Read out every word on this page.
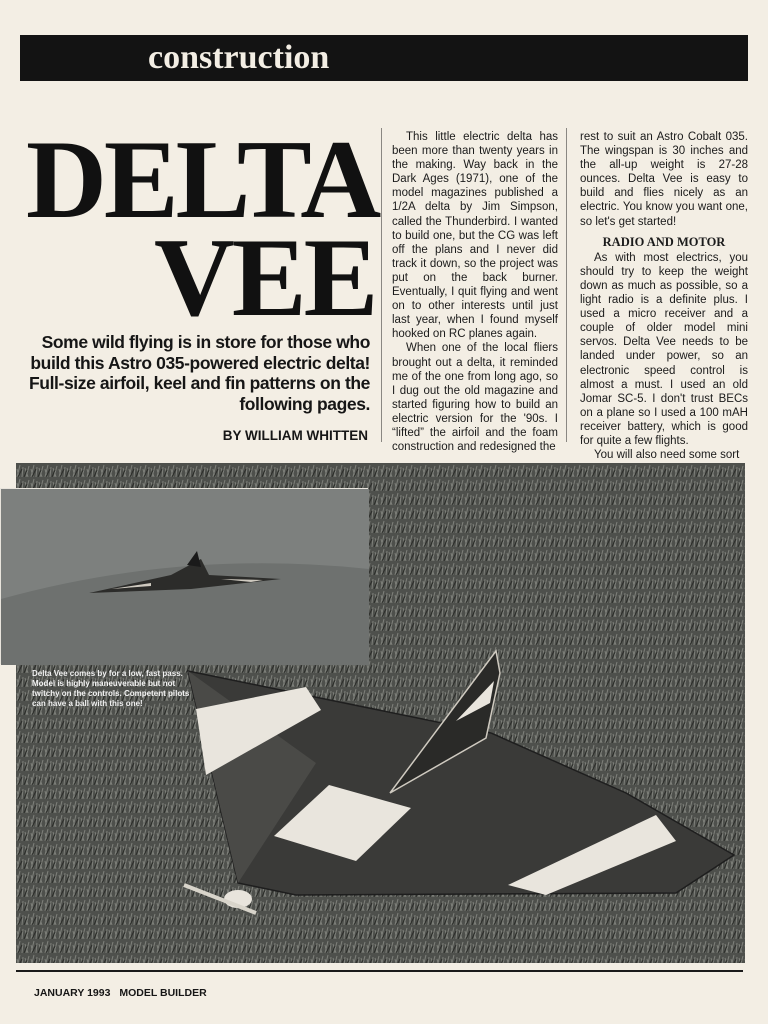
construction
DELTA
VEE
Some wild flying is in store for those who build this Astro 035-powered electric delta! Full-size airfoil, keel and fin patterns on the following pages.
BY WILLIAM WHITTEN

This little electric delta has been more than twenty years in the making. Way back in the Dark Ages (1971), one of the model magazines published a 1/2A delta by Jim Simpson, called the Thunderbird. I wanted to build one, but the CG was left off the plans and I never did track it down, so the project was put on the back burner. Eventually, I quit flying and went on to other interests until just last year, when I found myself hooked on RC planes again.

When one of the local fliers brought out a delta, it reminded me of the one from long ago, so I dug out the old magazine and started figuring how to build an electric version for the '90s. I “lifted” the airfoil and the foam construction and redesigned the

rest to suit an Astro Cobalt 035. The wingspan is 30 inches and the all-up weight is 27-28 ounces. Delta Vee is easy to build and flies nicely as an electric. You know you want one, so let's get started!

RADIO AND MOTOR

As with most electrics, you should try to keep the weight down as much as possible, so a light radio is a definite plus. I used a micro receiver and a couple of older model mini servos. Delta Vee needs to be landed under power, so an electronic speed control is almost a must. I used an old Jomar SC-5. I don't trust BECs on a plane so I used a 100 mAH receiver battery, which is good for quite a few flights.

You will also need some sort

Delta Vee comes by for a low, fast pass. Model is highly maneuverable but not twitchy on the controls. Competent pilots can have a ball with this one!
JANUARY 1993 MODEL BUILDER
